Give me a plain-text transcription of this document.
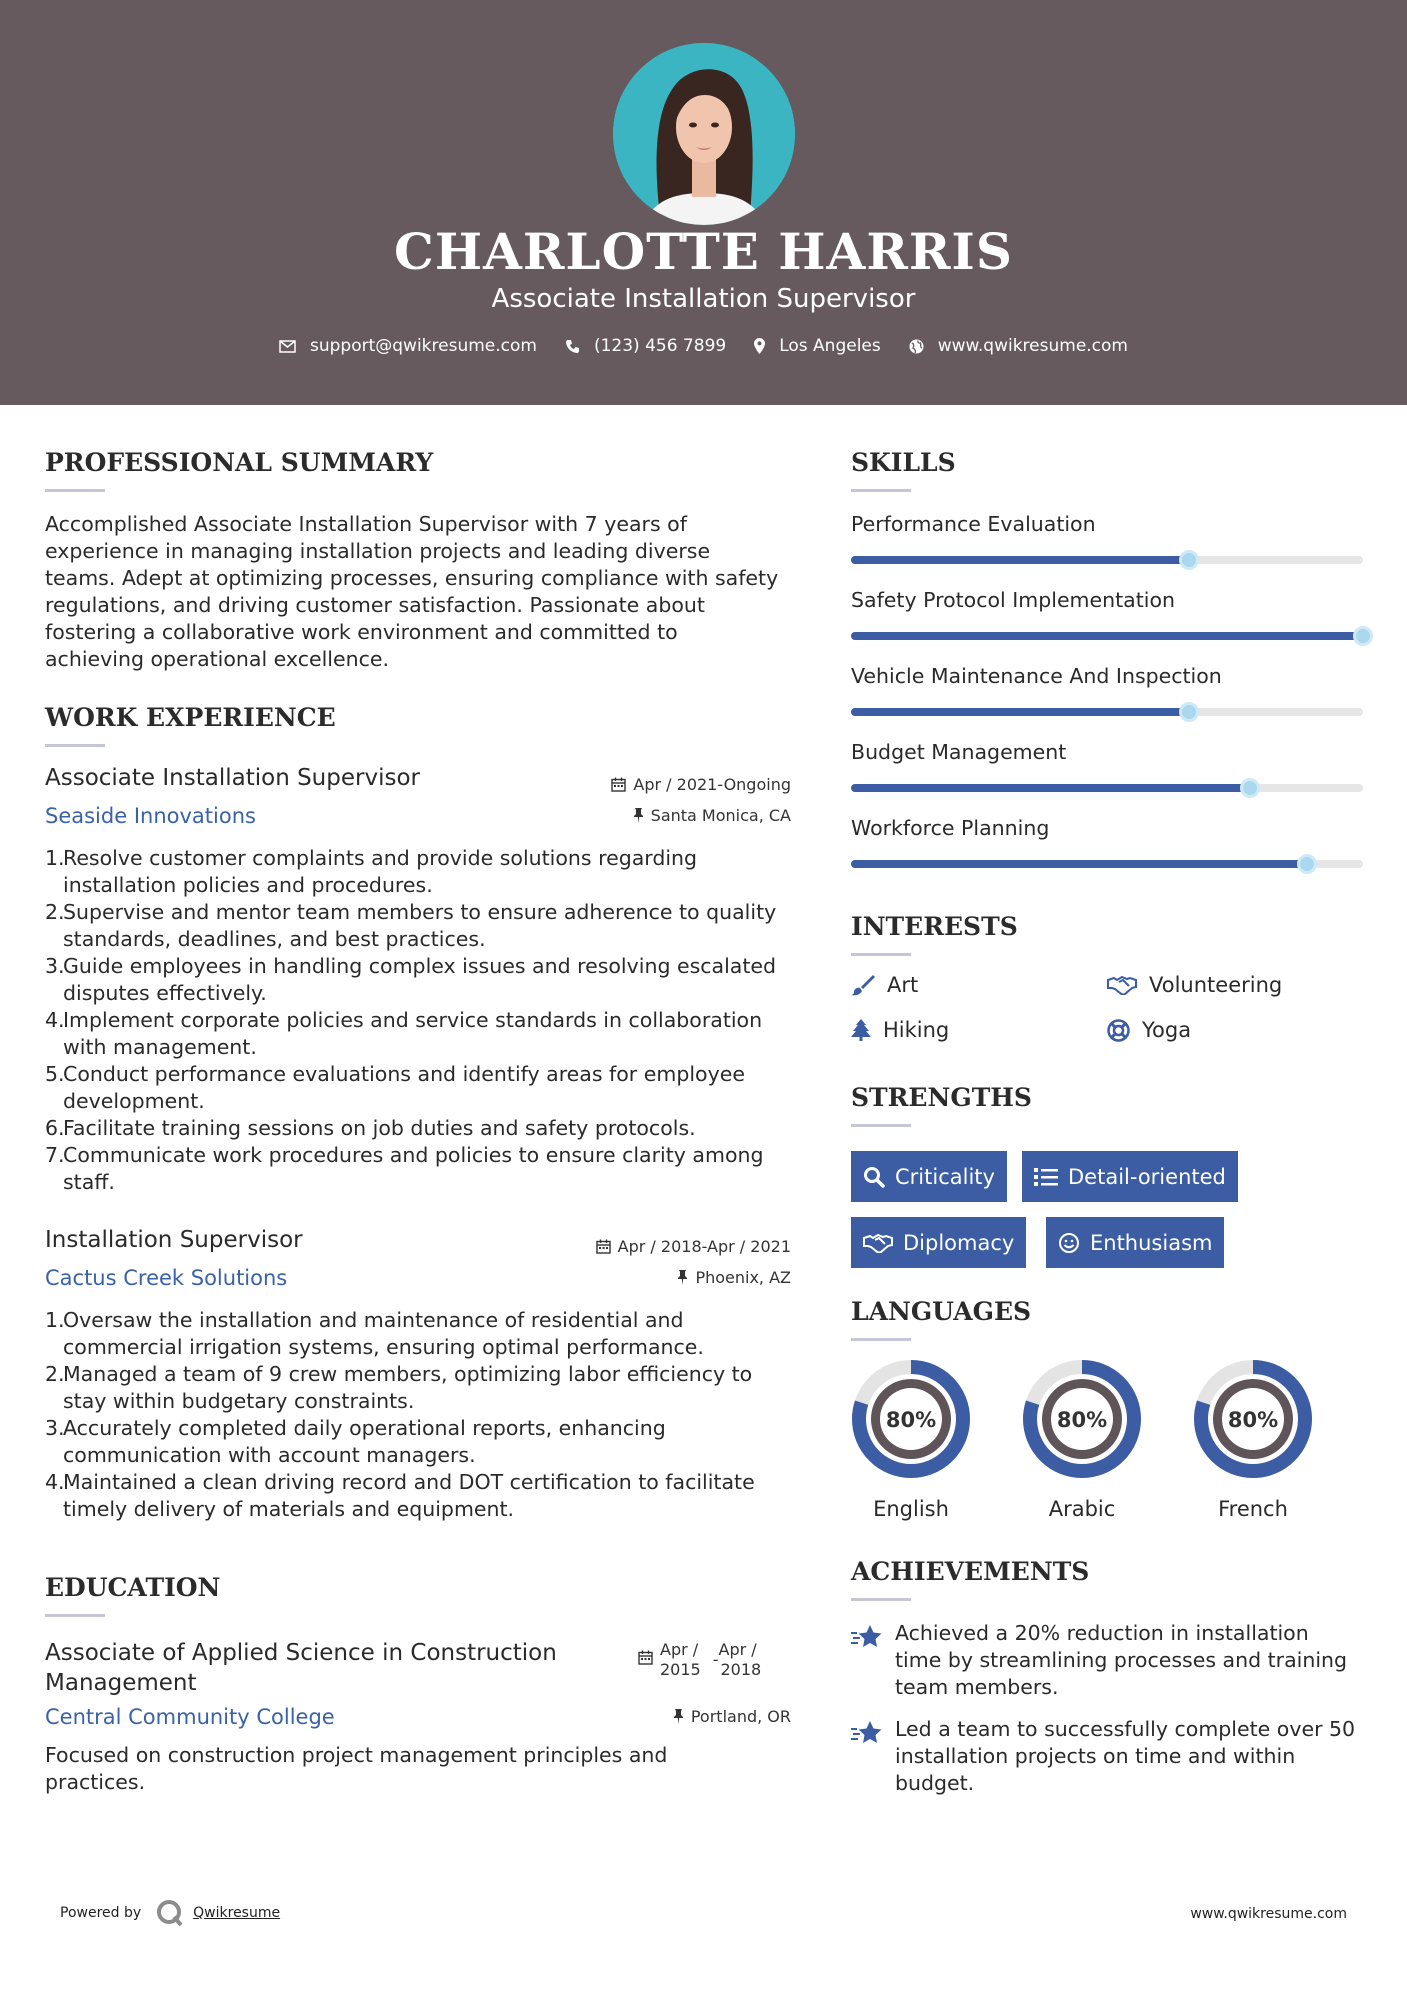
CHARLOTTE HARRIS
Associate Installation Supervisor
support@qwikresume.com	(123) 456 7899	Los Angeles	www.qwikresume.com
PROFESSIONAL SUMMARY
Accomplished Associate Installation Supervisor with 7 years of
experience in managing installation projects and leading diverse
teams. Adept at optimizing processes, ensuring compliance with safety
regulations, and driving customer satisfaction. Passionate about
fostering a collaborative work environment and committed to
achieving operational excellence.
WORK EXPERIENCE
Associate Installation Supervisor	Apr / 2021-Ongoing
Seaside Innovations	Santa Monica, CA
1.
Resolve customer complaints and provide solutions regarding
installation policies and procedures.
2.
Supervise and mentor team members to ensure adherence to quality
standards, deadlines, and best practices.
3.
Guide employees in handling complex issues and resolving escalated
disputes effectively.
4.
Implement corporate policies and service standards in collaboration
with management.
5.
Conduct performance evaluations and identify areas for employee
development.
6.
Facilitate training sessions on job duties and safety protocols.
7.
Communicate work procedures and policies to ensure clarity among
staff.
Installation Supervisor	Apr / 2018-Apr / 2021
Cactus Creek Solutions	Phoenix, AZ
1.
Oversaw the installation and maintenance of residential and
commercial irrigation systems, ensuring optimal performance.
2.
Managed a team of 9 crew members, optimizing labor efficiency to
stay within budgetary constraints.
3.
Accurately completed daily operational reports, enhancing
communication with account managers.
4.
Maintained a clean driving record and DOT certification to facilitate
timely delivery of materials and equipment.
EDUCATION
Associate of Applied Science in Construction
Management
Apr /
2015
-
Apr /
2018
Central Community College	Portland, OR
Focused on construction project management principles and
practices.
SKILLS
Performance Evaluation
Safety Protocol Implementation
Vehicle Maintenance And Inspection
Budget Management
Workforce Planning
INTERESTS
Art	Volunteering
Hiking	Yoga
STRENGTHS
Criticality	Detail-oriented
Diplomacy	Enthusiasm
LANGUAGES
80%
English
80%
Arabic
80%
French
ACHIEVEMENTS
Achieved a 20% reduction in installation
time by streamlining processes and training
team members.
Led a team to successfully complete over 50
installation projects on time and within
budget.
Powered by	Qwikresume	www.qwikresume.com
